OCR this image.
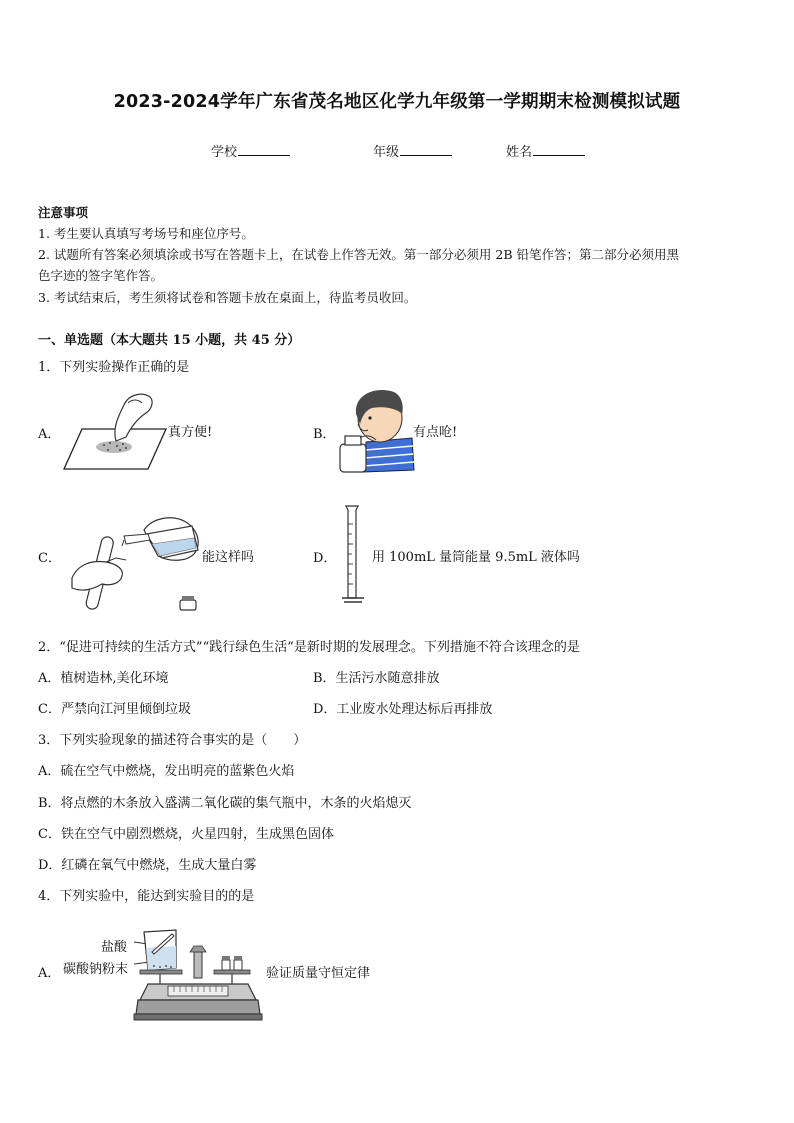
2023-2024学年广东省茂名地区化学九年级第一学期期末检测模拟试题
学校	年级	姓名
注意事项
1. 考生要认真填写考场号和座位序号。
2. 试题所有答案必须填涂或书写在答题卡上，在试卷上作答无效。第一部分必须用 2B 铅笔作答；第二部分必须用黑
色字迹的签字笔作答。
3. 考试结束后，考生须将试卷和答题卡放在桌面上，待监考员收回。
一、单选题（本大题共 15 小题，共 45 分）
1．下列实验操作正确的是
A．	真方便!	B．	有点呛!
C．	能这样吗	D．	用 100mL 量筒能量 9.5mL 液体吗
2．“促进可持续的生活方式”“践行绿色生活”是新时期的发展理念。下列措施不符合该理念的是
A．植树造林,美化环境	B．生活污水随意排放
C．严禁向江河里倾倒垃圾	D．工业废水处理达标后再排放
3．下列实验现象的描述符合事实的是（　　）
A．硫在空气中燃烧，发出明亮的蓝紫色火焰
B．将点燃的木条放入盛满二氧化碳的集气瓶中，木条的火焰熄灭
C．铁在空气中剧烈燃烧，火星四射，生成黑色固体
D．红磷在氧气中燃烧，生成大量白雾
4．下列实验中，能达到实验目的的是
A．
盐酸
碳酸钠粉末	验证质量守恒定律
